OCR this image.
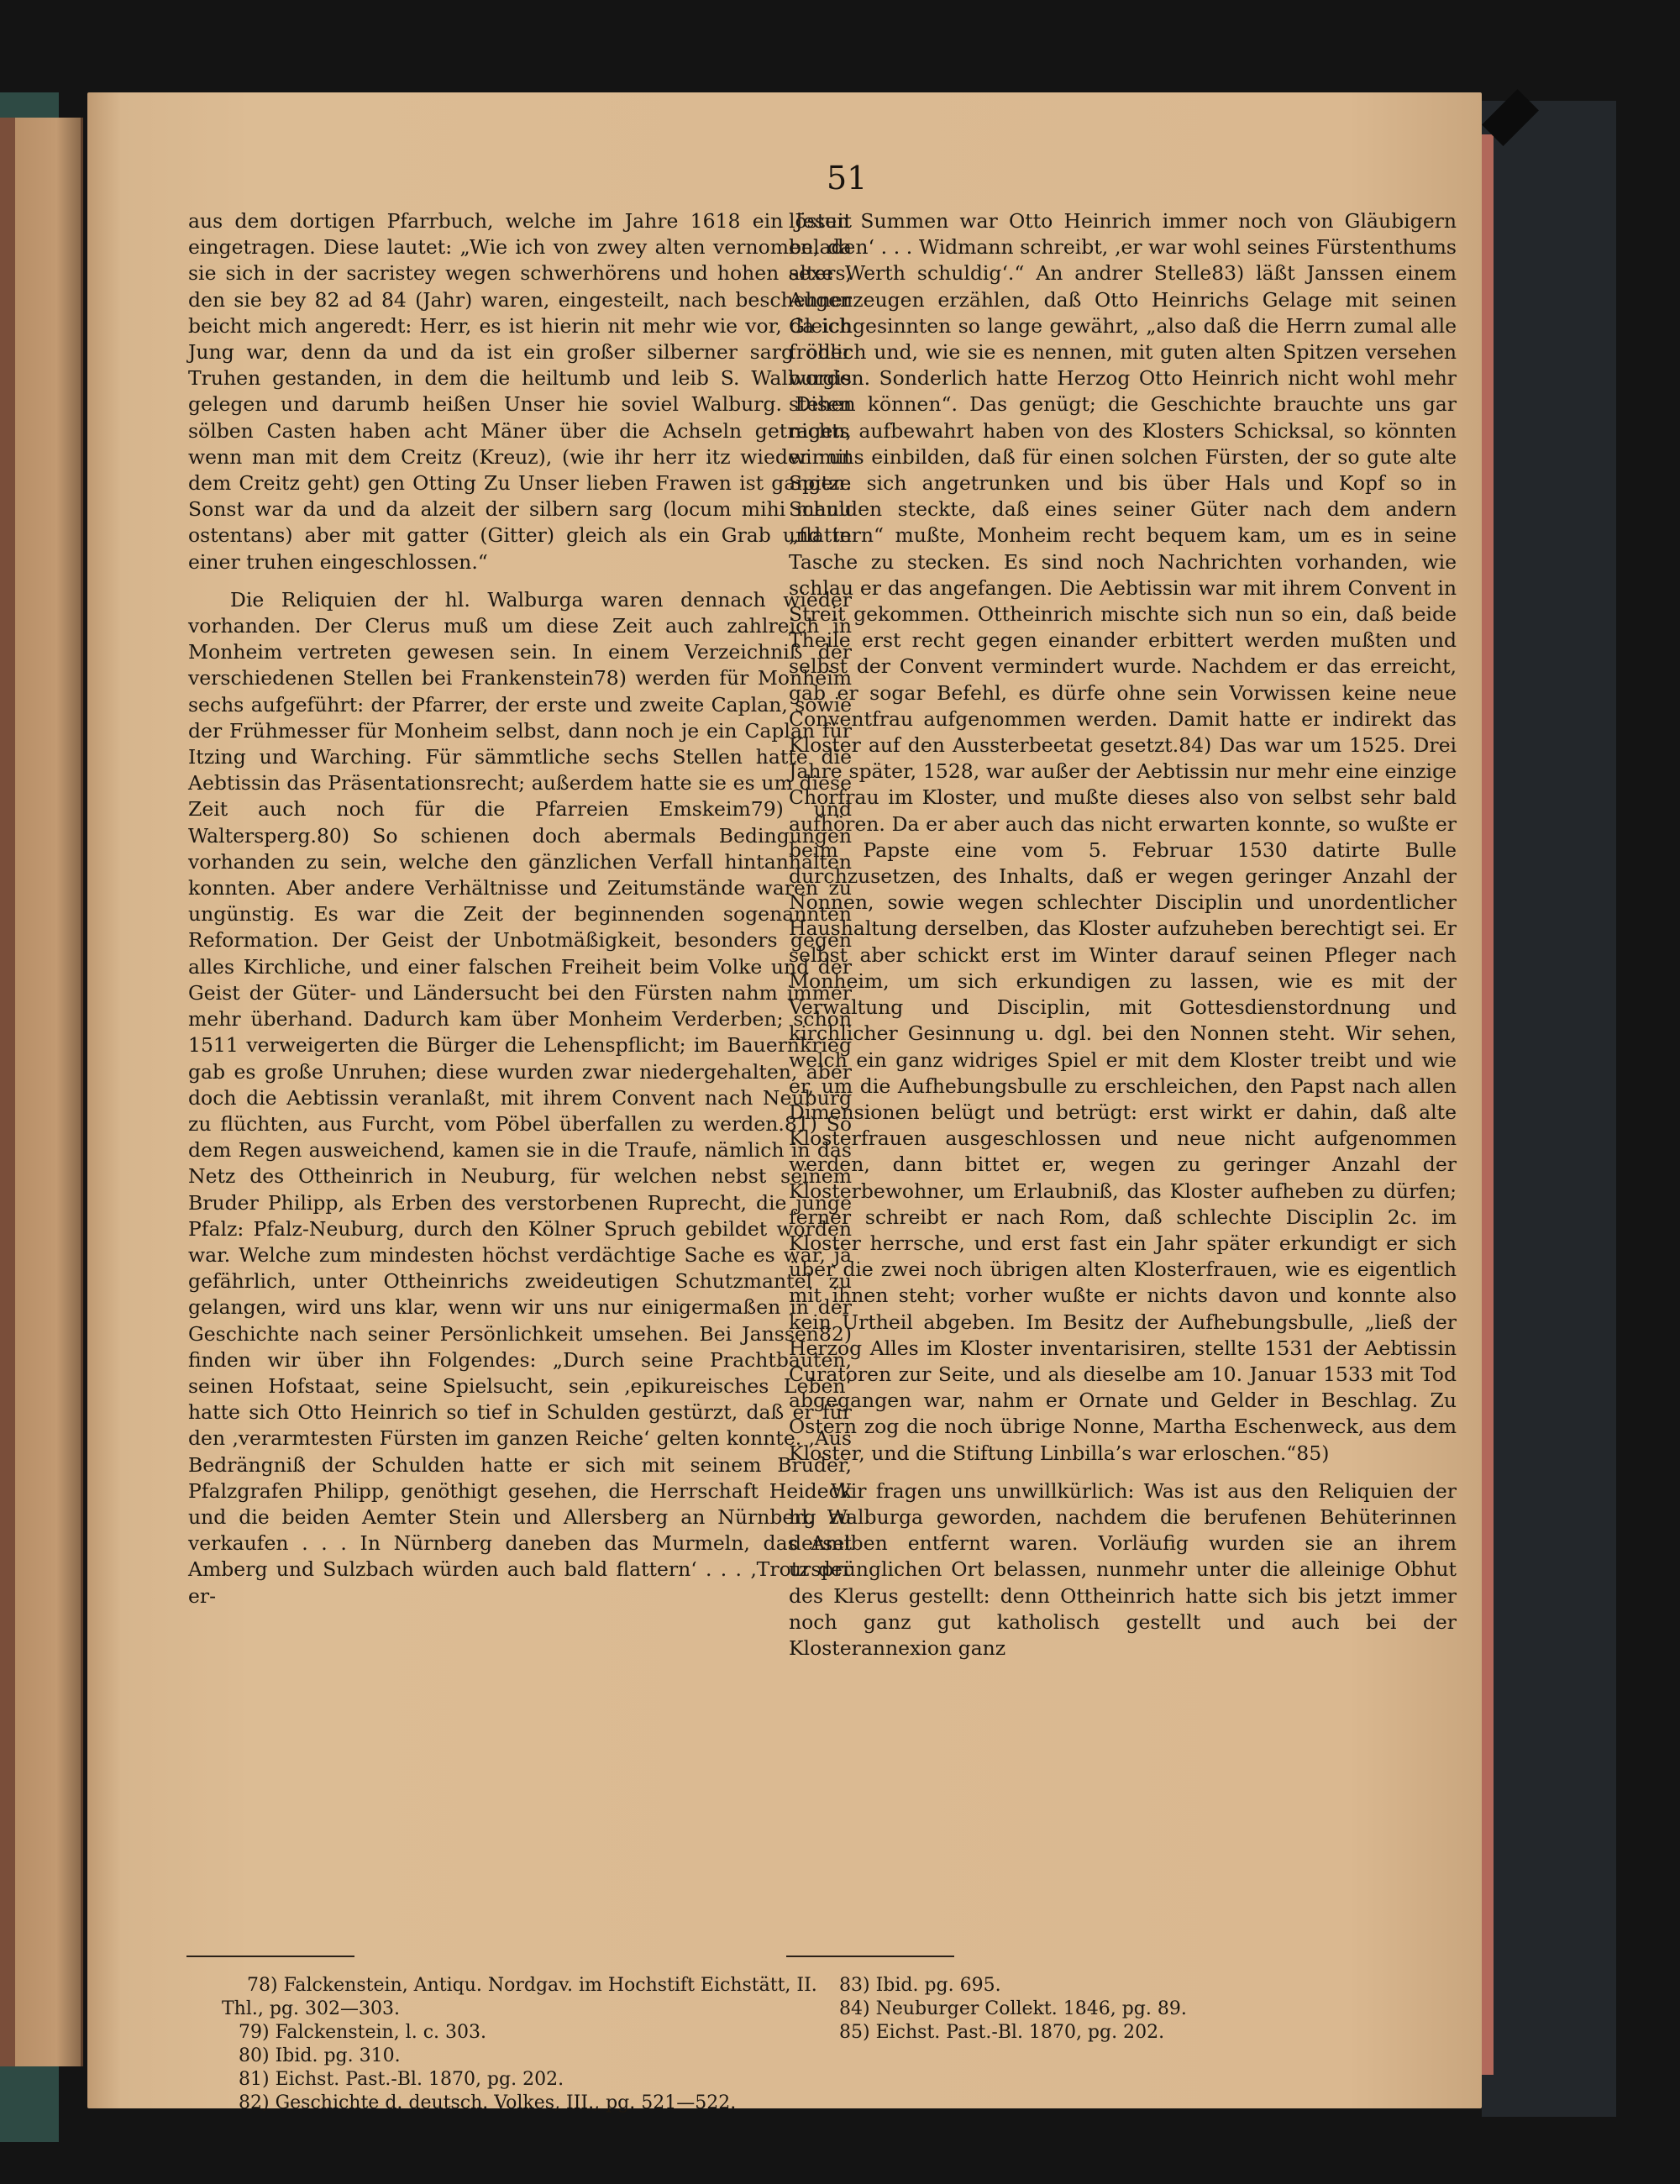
51

aus dem dortigen Pfarrbuch, welche im Jahre 1618 ein Jesuit eingetragen. Diese lautet: „Wie ich von zwey alten vernomen, da sie sich in der sacristey wegen schwerhörens und hohen alters, den sie bey 82 ad 84 (Jahr) waren, eingesteilt, nach beschehner beicht mich angeredt: Herr, es ist hierin nit mehr wie vor, da ich Jung war, denn da und da ist ein großer silberner sarg oder Truhen gestanden, in dem die heiltumb und leib S. Walburgis gelegen und darumb heißen Unser hie soviel Walburg. Disen sölben Casten haben acht Mäner über die Achseln getragen, wenn man mit dem Creitz (Kreuz), (wie ihr herr itz wieder mit dem Creitz geht) gen Otting Zu Unser lieben Frawen ist gangen. Sonst war da und da alzeit der silbern sarg (locum mihi manu ostentans) aber mit gatter (Gitter) gleich als ein Grab und in einer truhen eingeschlossen.“

Die Reliquien der hl. Walburga waren dennach wieder vorhanden. Der Clerus muß um diese Zeit auch zahlreich in Monheim vertreten gewesen sein. In einem Verzeichniß der verschiedenen Stellen bei Frankenstein78) werden für Monheim sechs aufgeführt: der Pfarrer, der erste und zweite Caplan, sowie der Frühmesser für Monheim selbst, dann noch je ein Caplan für Itzing und Warching. Für sämmtliche sechs Stellen hatte die Aebtissin das Präsentationsrecht; außerdem hatte sie es um diese Zeit auch noch für die Pfarreien Emskeim79) und Waltersperg.80) So schienen doch abermals Bedingungen vorhanden zu sein, welche den gänzlichen Verfall hintanhalten konnten. Aber andere Verhältnisse und Zeitumstände waren zu ungünstig. Es war die Zeit der beginnenden sogenannten Reformation. Der Geist der Unbotmäßigkeit, besonders gegen alles Kirchliche, und einer falschen Freiheit beim Volke und der Geist der Güter- und Ländersucht bei den Fürsten nahm immer mehr überhand. Dadurch kam über Monheim Verderben; schon 1511 verweigerten die Bürger die Lehenspflicht; im Bauernkrieg gab es große Unruhen; diese wurden zwar niedergehalten, aber doch die Aebtissin veranlaßt, mit ihrem Convent nach Neuburg zu flüchten, aus Furcht, vom Pöbel überfallen zu werden.81) So dem Regen ausweichend, kamen sie in die Traufe, nämlich in das Netz des Ottheinrich in Neuburg, für welchen nebst seinem Bruder Philipp, als Erben des verstorbenen Ruprecht, die junge Pfalz: Pfalz-Neuburg, durch den Kölner Spruch gebildet worden war. Welche zum mindesten höchst verdächtige Sache es war, ja gefährlich, unter Ottheinrichs zweideutigen Schutzmantel zu gelangen, wird uns klar, wenn wir uns nur einigermaßen in der Geschichte nach seiner Persönlichkeit umsehen. Bei Janssen82) finden wir über ihn Folgendes: „Durch seine Prachtbauten, seinen Hofstaat, seine Spielsucht, sein ‚epikureisches Leben‘ hatte sich Otto Heinrich so tief in Schulden gestürzt, daß er für den ‚verarmtesten Fürsten im ganzen Reiche‘ gelten konnte. ‚Aus Bedrängniß der Schulden hatte er sich mit seinem Bruder, Pfalzgrafen Philipp, genöthigt gesehen, die Herrschaft Heideck und die beiden Aemter Stein und Allersberg an Nürnberg zu verkaufen . . . In Nürnberg daneben das Murmeln, das Amt Amberg und Sulzbach würden auch bald flattern‘ . . . ‚Trotz der er-

lösten Summen war Otto Heinrich immer noch von Gläubigern beladen‘ . . . Widmann schreibt, ‚er war wohl seines Fürstenthums sexe Werth schuldig‘.“ An andrer Stelle83) läßt Janssen einem Augenzeugen erzählen, daß Otto Heinrichs Gelage mit seinen Gleichgesinnten so lange gewährt, „also daß die Herrn zumal alle fröhlich und, wie sie es nennen, mit guten alten Spitzen versehen worden. Sonderlich hatte Herzog Otto Heinrich nicht wohl mehr stehen können“. Das genügt; die Geschichte brauchte uns gar nichts aufbewahrt haben von des Klosters Schicksal, so könnten wir uns einbilden, daß für einen solchen Fürsten, der so gute alte Spitze sich angetrunken und bis über Hals und Kopf so in Schulden steckte, daß eines seiner Güter nach dem andern „flattern“ mußte, Monheim recht bequem kam, um es in seine Tasche zu stecken. Es sind noch Nachrichten vorhanden, wie schlau er das angefangen. Die Aebtissin war mit ihrem Convent in Streit gekommen. Ottheinrich mischte sich nun so ein, daß beide Theile erst recht gegen einander erbittert werden mußten und selbst der Convent vermindert wurde. Nachdem er das erreicht, gab er sogar Befehl, es dürfe ohne sein Vorwissen keine neue Conventfrau aufgenommen werden. Damit hatte er indirekt das Kloster auf den Aussterbeetat gesetzt.84) Das war um 1525. Drei Jahre später, 1528, war außer der Aebtissin nur mehr eine einzige Chorfrau im Kloster, und mußte dieses also von selbst sehr bald aufhören. Da er aber auch das nicht erwarten konnte, so wußte er beim Papste eine vom 5. Februar 1530 datirte Bulle durchzusetzen, des Inhalts, daß er wegen geringer Anzahl der Nonnen, sowie wegen schlechter Disciplin und unordentlicher Haushaltung derselben, das Kloster aufzuheben berechtigt sei. Er selbst aber schickt erst im Winter darauf seinen Pfleger nach Monheim, um sich erkundigen zu lassen, wie es mit der Verwaltung und Disciplin, mit Gottesdienstordnung und kirchlicher Gesinnung u. dgl. bei den Nonnen steht. Wir sehen, welch ein ganz widriges Spiel er mit dem Kloster treibt und wie er, um die Aufhebungsbulle zu erschleichen, den Papst nach allen Dimensionen belügt und betrügt: erst wirkt er dahin, daß alte Klosterfrauen ausgeschlossen und neue nicht aufgenommen werden, dann bittet er, wegen zu geringer Anzahl der Klosterbewohner, um Erlaubniß, das Kloster aufheben zu dürfen; ferner schreibt er nach Rom, daß schlechte Disciplin 2c. im Kloster herrsche, und erst fast ein Jahr später erkundigt er sich über die zwei noch übrigen alten Klosterfrauen, wie es eigentlich mit ihnen steht; vorher wußte er nichts davon und konnte also kein Urtheil abgeben. Im Besitz der Aufhebungsbulle, „ließ der Herzog Alles im Kloster inventarisiren, stellte 1531 der Aebtissin Curatoren zur Seite, und als dieselbe am 10. Januar 1533 mit Tod abgegangen war, nahm er Ornate und Gelder in Beschlag. Zu Ostern zog die noch übrige Nonne, Martha Eschenweck, aus dem Kloster, und die Stiftung Linbilla’s war erloschen.“85)

Wir fragen uns unwillkürlich: Was ist aus den Reliquien der hl. Walburga geworden, nachdem die berufenen Behüterinnen derselben entfernt waren. Vorläufig wurden sie an ihrem ursprünglichen Ort belassen, nunmehr unter die alleinige Obhut des Klerus gestellt: denn Ottheinrich hatte sich bis jetzt immer noch ganz gut katholisch gestellt und auch bei der Klosterannexion ganz

78) Falckenstein, Antiqu. Nordgav. im Hochstift Eichstätt, II. Thl., pg. 302—303.
79) Falckenstein, l. c. 303.
80) Ibid. pg. 310.
81) Eichst. Past.-Bl. 1870, pg. 202.
82) Geschichte d. deutsch. Volkes, III., pg. 521—522.
83) Ibid. pg. 695.
84) Neuburger Collekt. 1846, pg. 89.
85) Eichst. Past.-Bl. 1870, pg. 202.
